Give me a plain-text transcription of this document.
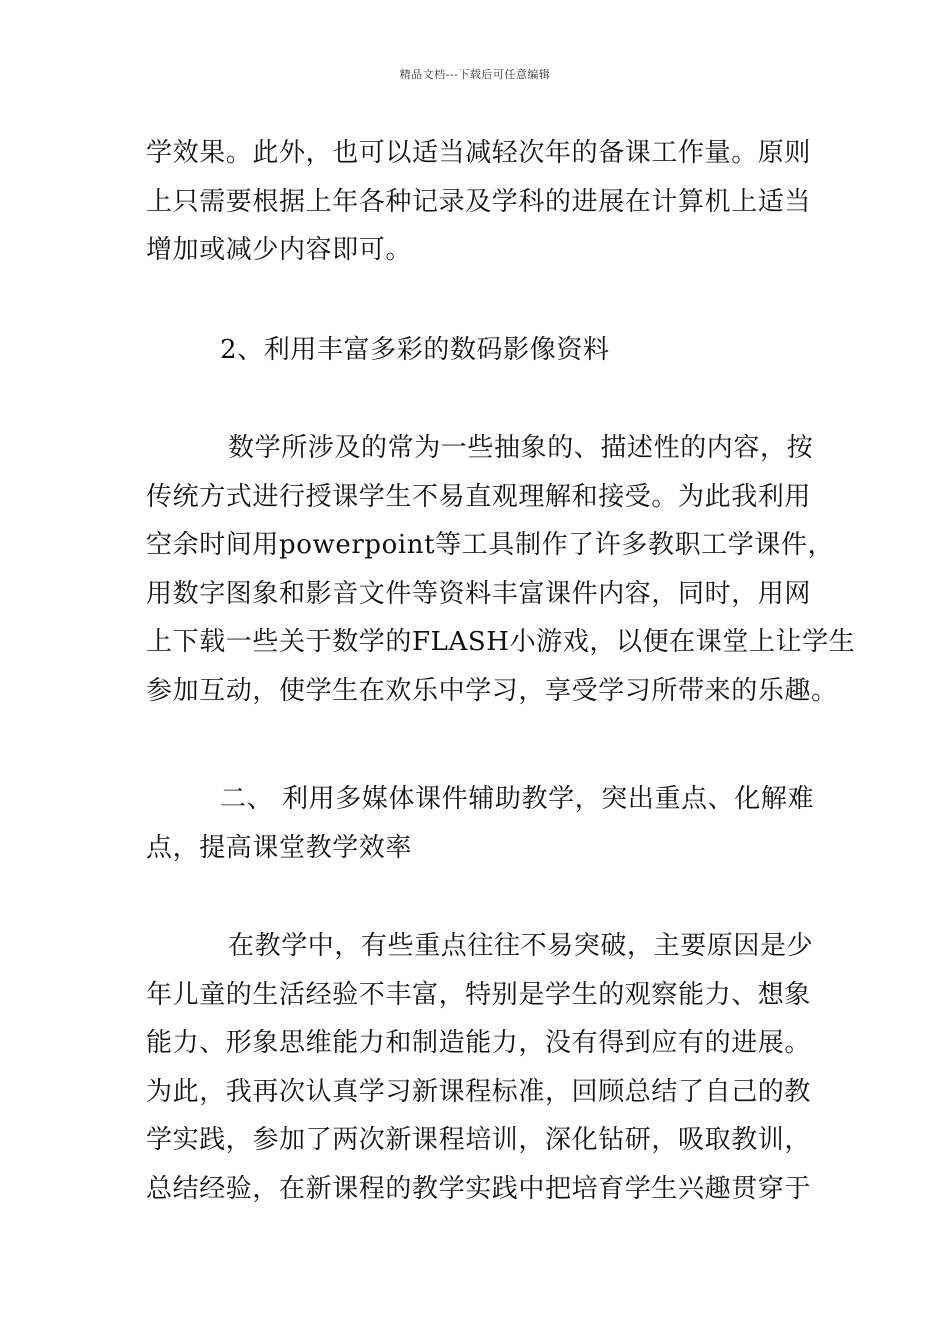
精品文档---下载后可任意编辑
学效果。此外，也可以适当减轻次年的备课工作量。原则
上只需要根据上年各种记录及学科的进展在计算机上适当
增加或减少内容即可。
2、利用丰富多彩的数码影像资料
数学所涉及的常为一些抽象的、描述性的内容，按
传统方式进行授课学生不易直观理解和接受。为此我利用
空余时间用powerpoint等工具制作了许多教职工学课件，
用数字图象和影音文件等资料丰富课件内容，同时，用网
上下载一些关于数学的FLASH小游戏，以便在课堂上让学生
参加互动，使学生在欢乐中学习，享受学习所带来的乐趣。
二、 利用多媒体课件辅助教学，突出重点、化解难
点，提高课堂教学效率
在教学中，有些重点往往不易突破，主要原因是少
年儿童的生活经验不丰富，特别是学生的观察能力、想象
能力、形象思维能力和制造能力，没有得到应有的进展。
为此，我再次认真学习新课程标准，回顾总结了自己的教
学实践，参加了两次新课程培训，深化钻研，吸取教训，
总结经验，在新课程的教学实践中把培育学生兴趣贯穿于
